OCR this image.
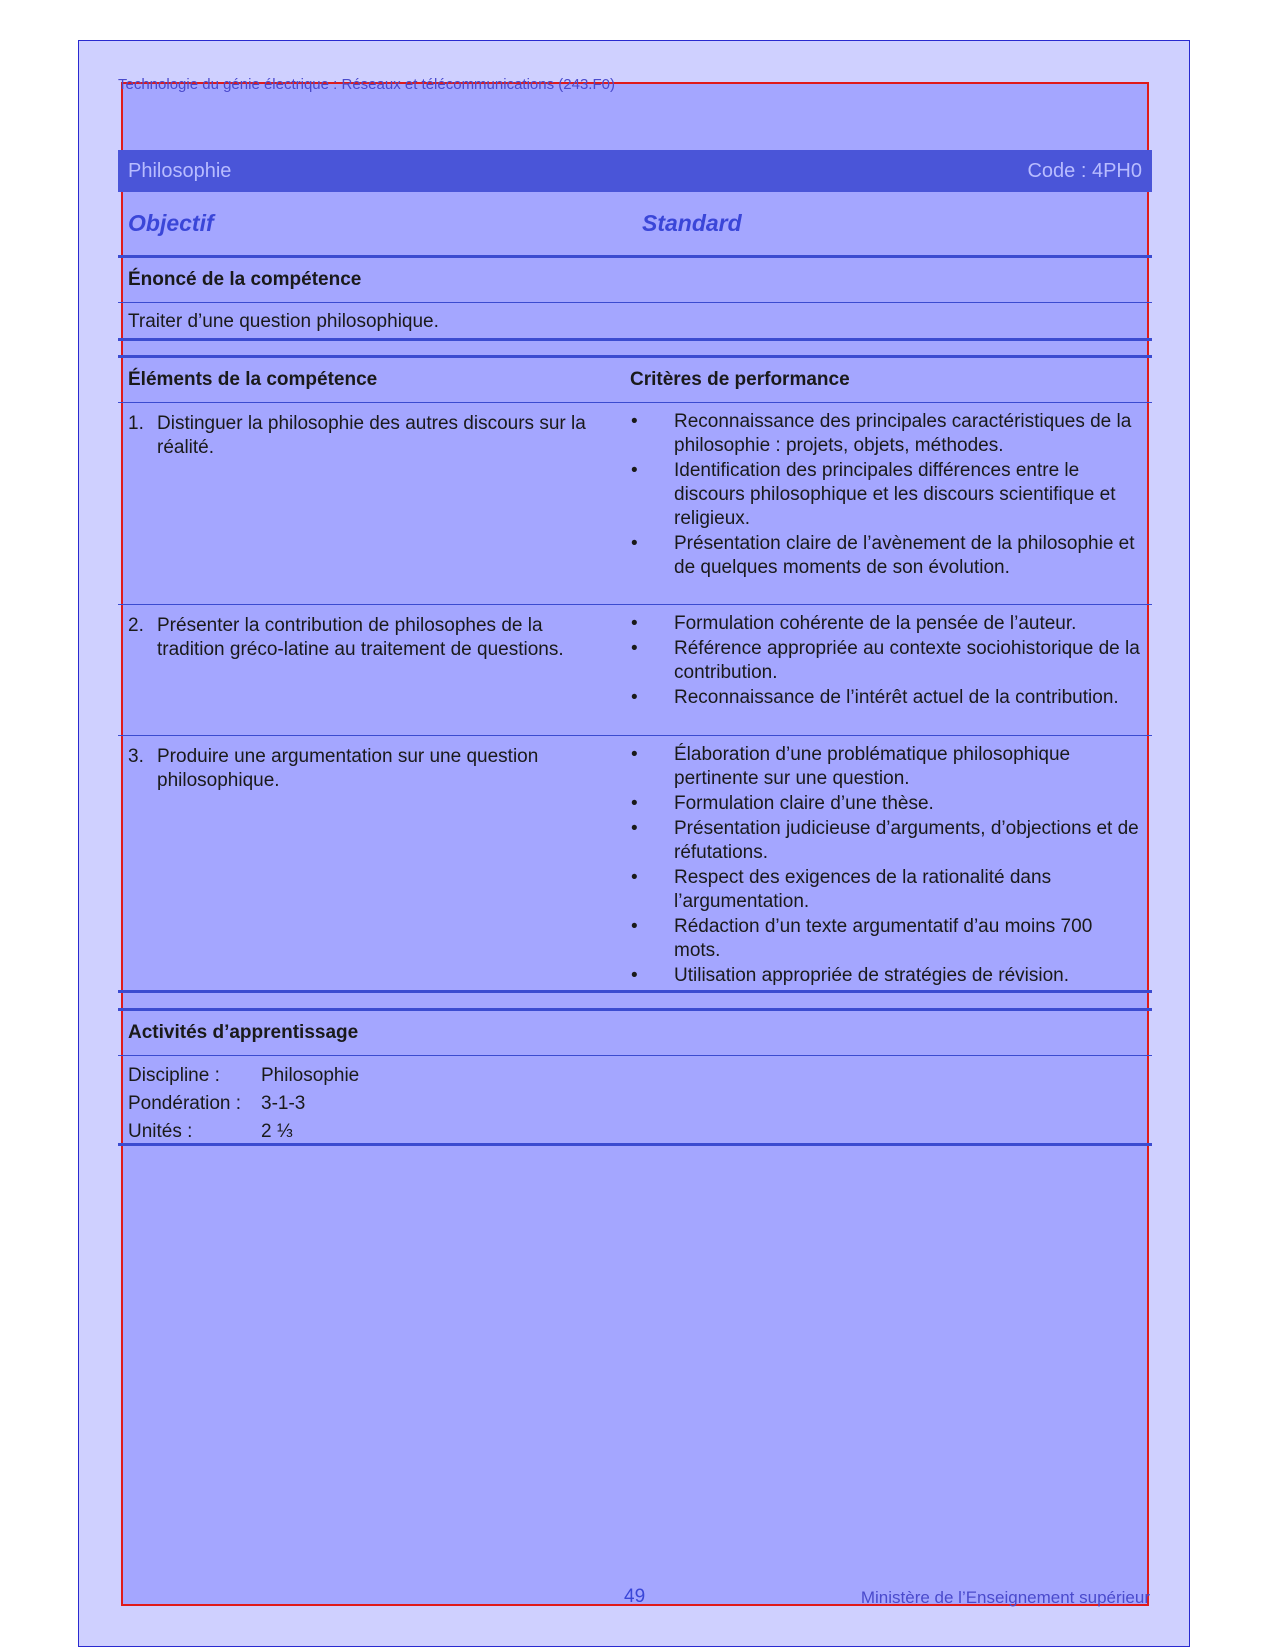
Technologie du génie électrique : Réseaux et télécommunications (243.F0)
Philosophie	Code : 4PH0
Objectif	Standard
Énoncé de la compétence
Traiter d’une question philosophique.
Éléments de la compétence	Critères de performance
1. Distinguer la philosophie des autres discours sur la réalité.
• Reconnaissance des principales caractéristiques de la philosophie : projets, objets, méthodes.
• Identification des principales différences entre le discours philosophique et les discours scientifique et religieux.
• Présentation claire de l’avènement de la philosophie et de quelques moments de son évolution.
2. Présenter la contribution de philosophes de la tradition gréco-latine au traitement de questions.
• Formulation cohérente de la pensée de l’auteur.
• Référence appropriée au contexte sociohistorique de la contribution.
• Reconnaissance de l’intérêt actuel de la contribution.
3. Produire une argumentation sur une question philosophique.
• Élaboration d’une problématique philosophique pertinente sur une question.
• Formulation claire d’une thèse.
• Présentation judicieuse d’arguments, d’objections et de réfutations.
• Respect des exigences de la rationalité dans l’argumentation.
• Rédaction d’un texte argumentatif d’au moins 700 mots.
• Utilisation appropriée de stratégies de révision.
Activités d’apprentissage
Discipline :	Philosophie
Pondération :	3-1-3
Unités :	2 ⅓
49	Ministère de l’Enseignement supérieur
